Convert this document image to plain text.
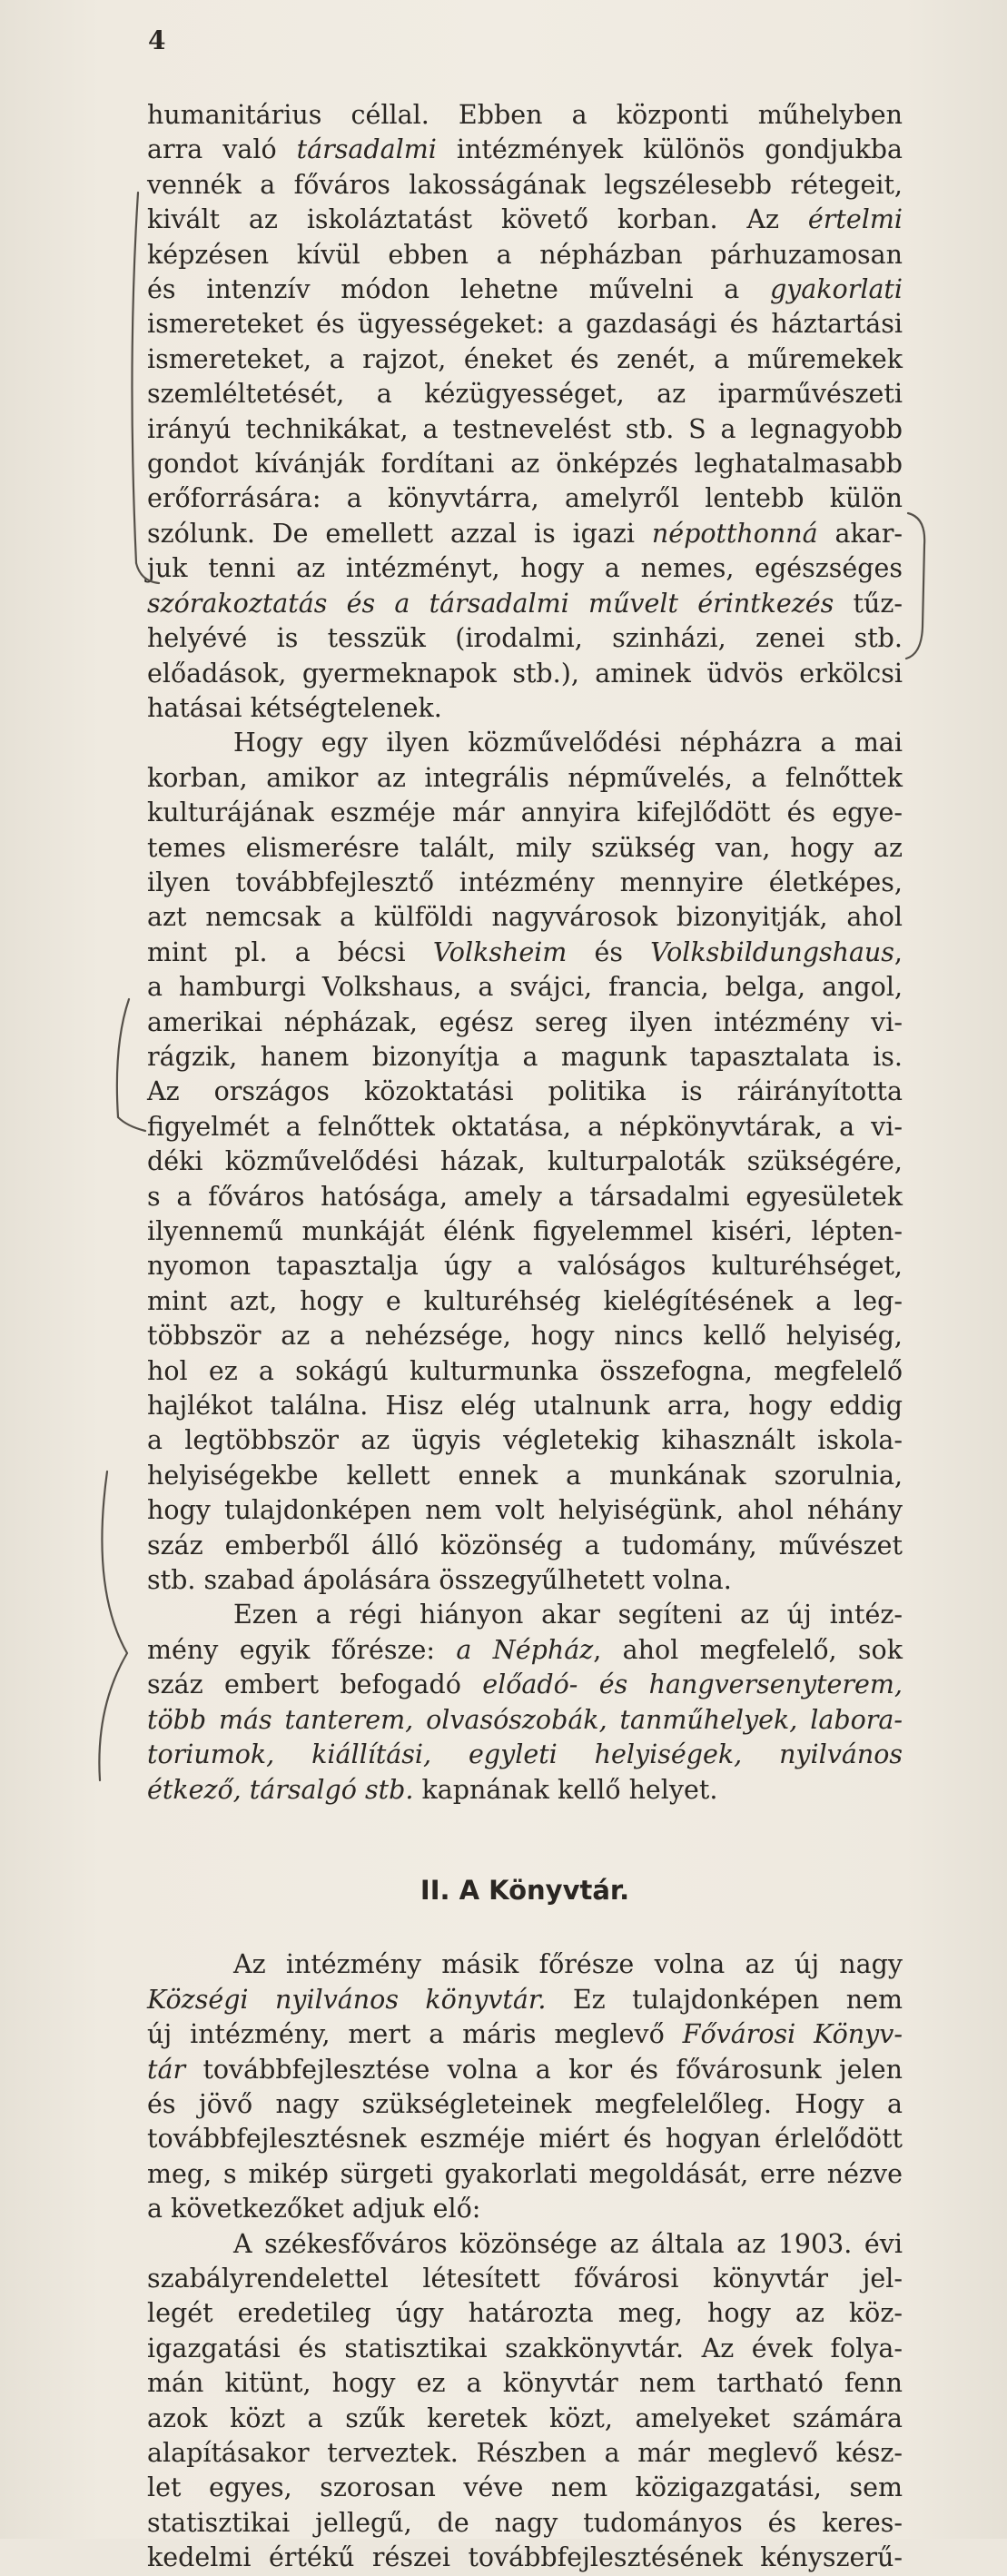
4
humanitárius céllal. Ebben a központi műhelyben
arra való társadalmi intézmények különös gondjukba
vennék a főváros lakosságának legszélesebb rétegeit,
kivált az iskoláztatást követő korban. Az értelmi
képzésen kívül ebben a népházban párhuzamosan
és intenzív módon lehetne művelni a gyakorlati
ismereteket és ügyességeket: a gazdasági és háztartási
ismereteket, a rajzot, éneket és zenét, a műremekek
szemléltetését, a kézügyességet, az iparművészeti
irányú technikákat, a testnevelést stb. S a legnagyobb
gondot kívánják fordítani az önképzés leghatalmasabb
erőforrására: a könyvtárra, amelyről lentebb külön
szólunk. De emellett azzal is igazi népotthonná akar-
juk tenni az intézményt, hogy a nemes, egészséges
szórakoztatás és a társadalmi művelt érintkezés tűz-
helyévé is tesszük (irodalmi, szinházi, zenei stb.
előadások, gyermeknapok stb.), aminek üdvös erkölcsi
hatásai kétségtelenek.
Hogy egy ilyen közművelődési népházra a mai
korban, amikor az integrális népművelés, a felnőttek
kulturájának eszméje már annyira kifejlődött és egye-
temes elismerésre talált, mily szükség van, hogy az
ilyen továbbfejlesztő intézmény mennyire életképes,
azt nemcsak a külföldi nagyvárosok bizonyitják, ahol
mint pl. a bécsi Volksheim és Volksbildungshaus,
a hamburgi Volkshaus, a svájci, francia, belga, angol,
amerikai népházak, egész sereg ilyen intézmény vi-
rágzik, hanem bizonyítja a magunk tapasztalata is.
Az országos közoktatási politika is ráirányította
figyelmét a felnőttek oktatása, a népkönyvtárak, a vi-
déki közművelődési házak, kulturpaloták szükségére,
s a főváros hatósága, amely a társadalmi egyesületek
ilyennemű munkáját élénk figyelemmel kiséri, lépten-
nyomon tapasztalja úgy a valóságos kulturéhséget,
mint azt, hogy e kulturéhség kielégítésének a leg-
többször az a nehézsége, hogy nincs kellő helyiség,
hol ez a sokágú kulturmunka összefogna, megfelelő
hajlékot találna. Hisz elég utalnunk arra, hogy eddig
a legtöbbször az ügyis végletekig kihasznált iskola-
helyiségekbe kellett ennek a munkának szorulnia,
hogy tulajdonképen nem volt helyiségünk, ahol néhány
száz emberből álló közönség a tudomány, művészet
stb. szabad ápolására összegyűlhetett volna.
Ezen a régi hiányon akar segíteni az új intéz-
mény egyik főrésze: a Népház, ahol megfelelő, sok
száz embert befogadó előadó- és hangversenyterem,
több más tanterem, olvasószobák, tanműhelyek, labora-
toriumok, kiállítási, egyleti helyiségek, nyilvános
étkező, társalgó stb. kapnának kellő helyet.
II. A Könyvtár.
Az intézmény másik főrésze volna az új nagy
Községi nyilvános könyvtár. Ez tulajdonképen nem
új intézmény, mert a máris meglevő Fővárosi Könyv-
tár továbbfejlesztése volna a kor és fővárosunk jelen
és jövő nagy szükségleteinek megfelelőleg. Hogy a
továbbfejlesztésnek eszméje miért és hogyan érlelődött
meg, s mikép sürgeti gyakorlati megoldását, erre nézve
a következőket adjuk elő:
A székesfőváros közönsége az általa az 1903. évi
szabályrendelettel létesített fővárosi könyvtár jel-
legét eredetileg úgy határozta meg, hogy az köz-
igazgatási és statisztikai szakkönyvtár. Az évek folya-
mán kitünt, hogy ez a könyvtár nem tartható fenn
azok közt a szűk keretek közt, amelyeket számára
alapításakor terveztek. Részben a már meglevő kész-
let egyes, szorosan véve nem közigazgatási, sem
statisztikai jellegű, de nagy tudományos és keres-
kedelmi értékű részei továbbfejlesztésének kényszerű-
